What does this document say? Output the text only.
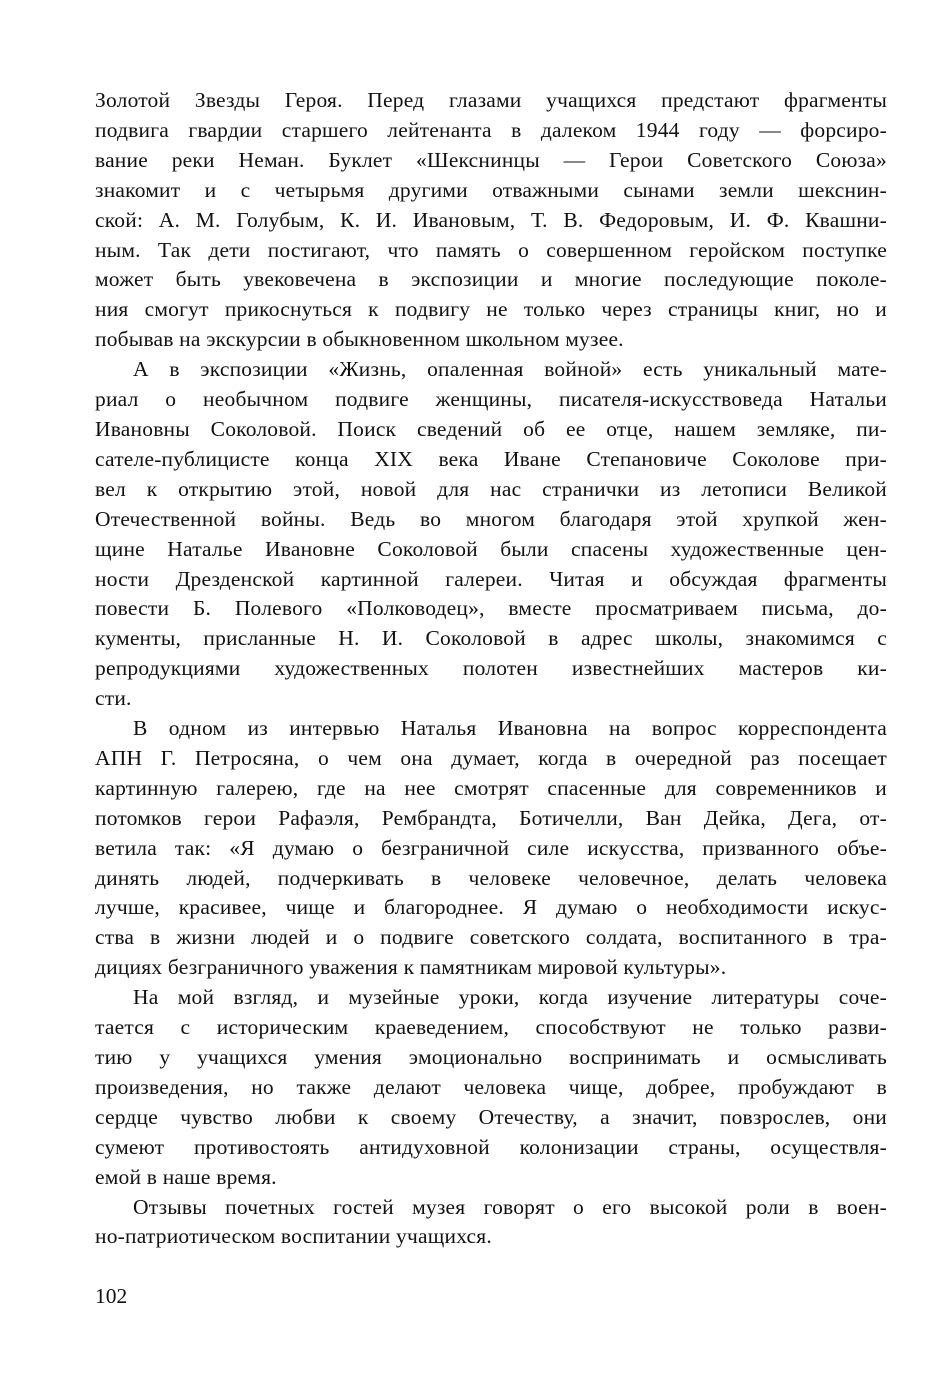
Золотой Звезды Героя. Перед глазами учащихся предстают фрагменты
подвига гвардии старшего лейтенанта в далеком 1944 году — форсиро-
вание реки Неман. Буклет «Шекснинцы — Герои Советского Союза»
знакомит и с четырьмя другими отважными сынами земли шекснин-
ской: А. М. Голубым, К. И. Ивановым, Т. В. Федоровым, И. Ф. Квашни-
ным. Так дети постигают, что память о совершенном геройском поступке
может быть увековечена в экспозиции и многие последующие поколе-
ния смогут прикоснуться к подвигу не только через страницы книг, но и
побывав на экскурсии в обыкновенном школьном музее.
А в экспозиции «Жизнь, опаленная войной» есть уникальный мате-
риал о необычном подвиге женщины, писателя-искусствоведа Натальи
Ивановны Соколовой. Поиск сведений об ее отце, нашем земляке, пи-
сателе-публицисте конца XIX века Иване Степановиче Соколове при-
вел к открытию этой, новой для нас странички из летописи Великой
Отечественной войны. Ведь во многом благодаря этой хрупкой жен-
щине Наталье Ивановне Соколовой были спасены художественные цен-
ности Дрезденской картинной галереи. Читая и обсуждая фрагменты
повести Б. Полевого «Полководец», вместе просматриваем письма, до-
кументы, присланные Н. И. Соколовой в адрес школы, знакомимся с
репродукциями художественных полотен известнейших мастеров ки-
сти.
В одном из интервью Наталья Ивановна на вопрос корреспондента
АПН Г. Петросяна, о чем она думает, когда в очередной раз посещает
картинную галерею, где на нее смотрят спасенные для современников и
потомков герои Рафаэля, Рембрандта, Ботичелли, Ван Дейка, Дега, от-
ветила так: «Я думаю о безграничной силе искусства, призванного объе-
динять людей, подчеркивать в человеке человечное, делать человека
лучше, красивее, чище и благороднее. Я думаю о необходимости искус-
ства в жизни людей и о подвиге советского солдата, воспитанного в тра-
дициях безграничного уважения к памятникам мировой культуры».
На мой взгляд, и музейные уроки, когда изучение литературы соче-
тается с историческим краеведением, способствуют не только разви-
тию у учащихся умения эмоционально воспринимать и осмысливать
произведения, но также делают человека чище, добрее, пробуждают в
сердце чувство любви к своему Отечеству, а значит, повзрослев, они
сумеют противостоять антидуховной колонизации страны, осуществля-
емой в наше время.
Отзывы почетных гостей музея говорят о его высокой роли в воен-
но-патриотическом воспитании учащихся.
102
